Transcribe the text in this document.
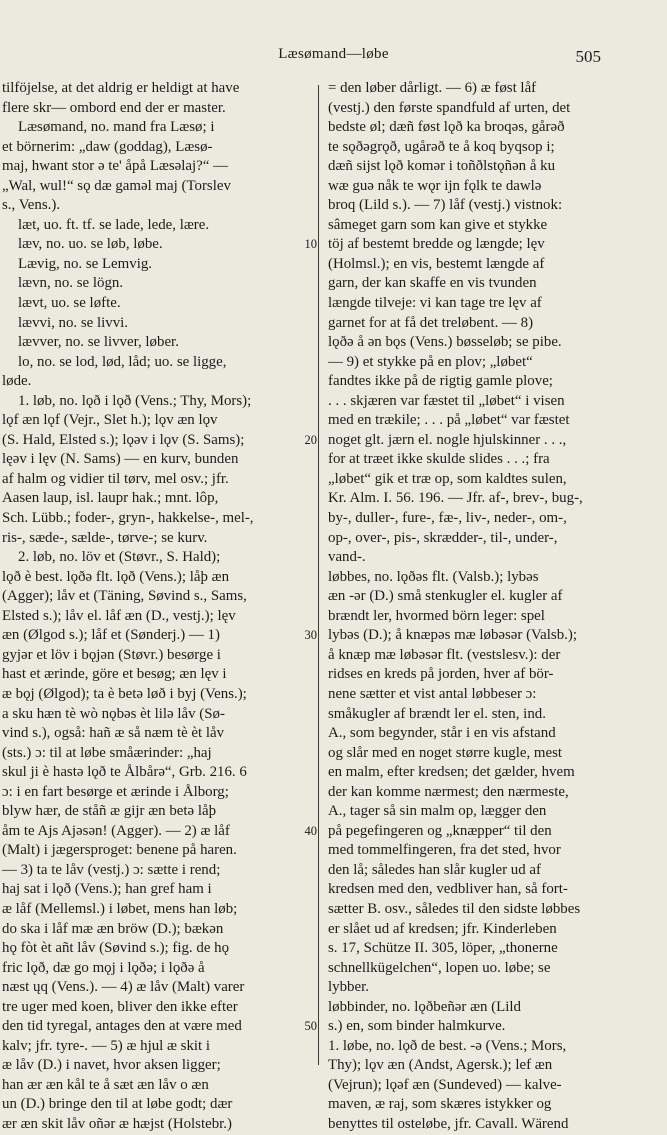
Læsømand—løbe	505
tilföjelse, at det aldrig er heldigt at have
flere skr— ombord end der er master.
Læsømand, no. mand fra Læsø; i
et börnerim: „daw (goddag), Læsø-
maj, hwant stor ə te' åpå Læsəlaj?“ —
„Wal, wul!“ sǫ dæ gaməl maj (Torslev
s., Vens.).
læt, uo. ft. tf. se lade, lede, lære.
læv, no. uo. se løb, løbe.
Lævig, no. se Lemvig.
lævn, no. se lögn.
lævt, uo. se løfte.
lævvi, no. se livvi.
lævver, no. se livver, løber.
lo, no. se lod, lød, låd; uo. se ligge,
løde.
1. løb, no. lǫð i lǫð (Vens.; Thy, Mors);
lǫf æn lǫf (Vejr., Slet h.); lǫv æn lǫv
(S. Hald, Elsted s.); lǫəv i lǫv (S. Sams);
lęəv i lęv (N. Sams) — en kurv, bunden
af halm og vidier til tørv, mel osv.; jfr.
Aasen laup, isl. laupr hak.; mnt. lôp,
Sch. Lübb.; foder-, gryn-, hakkelse-, mel-,
ris-, sæde-, sælde-, tørve-; se kurv.
2. løb, no. löv et (Støvr., S. Hald);
lǫð è best. lǫðə flt. lǫð (Vens.); låþ æn
(Agger); låv et (Täning, Søvind s., Sams,
Elsted s.); låv el. låf æn (D., vestj.); lęv
æn (Ølgod s.); låf et (Sønderj.) — 1)
gyjər et löv i bǫjən (Støvr.) besørge i
hast et ærinde, göre et besøg; æn lęv i
æ bǫj (Ølgod); ta è betə løð i byj (Vens.);
a sku hæn tè wò nǫbəs èt lilə låv (Sø-
vind s.), også: hañ æ så næm tè èt låv
(sts.) ɔ: til at løbe småærinder: „haj
skul ji è hastə lǫð te Ålbårə“, Grb. 216. 6
ɔ: i en fart besørge et ærinde i Ålborg;
blyw hær, de ståñ æ gijr æn betə låþ
åm te Ajs Ajəsən! (Agger). — 2) æ låf
(Malt) i jægersproget: benene på haren.
— 3) ta te låv (vestj.) ɔ: sætte i rend;
haj sat i lǫð (Vens.); han gref ham i
æ låf (Mellemsl.) i løbet, mens han løb;
do ska i låf mæ æn bröw (D.); bækən
hǫ fòt èt añt låv (Søvind s.); fig. de hǫ
fric lǫð, dæ go mǫj i lǫðə; i lǫðə å
næst ųq (Vens.). — 4) æ låv (Malt) varer
tre uger med koen, bliver den ikke efter
den tid tyregal, antages den at være med
kalv; jfr. tyre-. — 5) æ hjul æ skit i
æ låv (D.) i navet, hvor aksen ligger;
han ær æn kål te å sæt æn låv o æn
un (D.) bringe den til at løbe godt; dær
ær æn skit låv oñər æ hæjst (Holstebr.)
= den løber dårligt. — 6) æ føst låf
(vestj.) den første spandfuld af urten, det
bedste øl; dæñ føst lǫð ka broqəs, gårəð
te sǫðəgrǫð, ugårəð te å koq byqsop i;
dæñ sijst lǫð komər i toñðlstǫñən å ku
wæ guə nåk te wǫr ijn fǫlk te dawlə
broq (Lild s.). — 7) låf (vestj.) vistnok:
sâmeget garn som kan give et stykke
töj af bestemt bredde og længde; lęv
(Holmsl.); en vis, bestemt længde af
garn, der kan skaffe en vis tvunden
længde tilveje: vi kan tage tre lęv af
garnet for at få det treløbent. — 8)
lǫðə å ən bǫs (Vens.) bøsseløb; se pibe.
— 9) et stykke på en plov; „løbet“
fandtes ikke på de rigtig gamle plove;
. . . skjæren var fæstet til „løbet“ i visen
med en trækile; . . . på „løbet“ var fæstet
noget glt. jærn el. nogle hjulskinner . . .,
for at træet ikke skulde slides . . .; fra
„løbet“ gik et træ op, som kaldtes sulen,
Kr. Alm. I. 56. 196. — Jfr. af-, brev-, bug-,
by-, duller-, fure-, fæ-, liv-, neder-, om-,
op-, over-, pis-, skrædder-, til-, under-,
vand-.
løbbes, no. lǫðəs flt. (Valsb.); lybəs
æn -ər (D.) små stenkugler el. kugler af
brændt ler, hvormed börn leger: spel
lybəs (D.); å knæpəs mæ løbəsər (Valsb.);
å knæp mæ løbəsər flt. (vestslesv.): der
ridses en kreds på jorden, hver af bör-
nene sætter et vist antal løbbeser ɔ:
småkugler af brændt ler el. sten, ind.
A., som begynder, står i en vis afstand
og slår med en noget større kugle, mest
en malm, efter kredsen; det gælder, hvem
der kan komme nærmest; den nærmeste,
A., tager så sin malm op, lægger den
på pegefingeren og „knæpper“ til den
med tommelfingeren, fra det sted, hvor
den lå; således han slår kugler ud af
kredsen med den, vedbliver han, så fort-
sætter B. osv., således til den sidste løbbes
er slået ud af kredsen; jfr. Kinderleben
s. 17, Schütze II. 305, löper, „thonerne
schnellkügelchen“, lopen uo. løbe; se
lybber.
løbbinder, no. lǫðbeñər æn (Lild
s.) en, som binder halmkurve.
1. løbe, no. lǫð de best. -ə (Vens.; Mors,
Thy); lǫv æn (Andst, Agersk.); lef æn
(Vejrun); lǫəf æn (Sundeved) — kalve-
maven, æ raj, som skæres istykker og
benyttes til osteløbe, jfr. Cavall. Wärend
10
20
30
40
50
